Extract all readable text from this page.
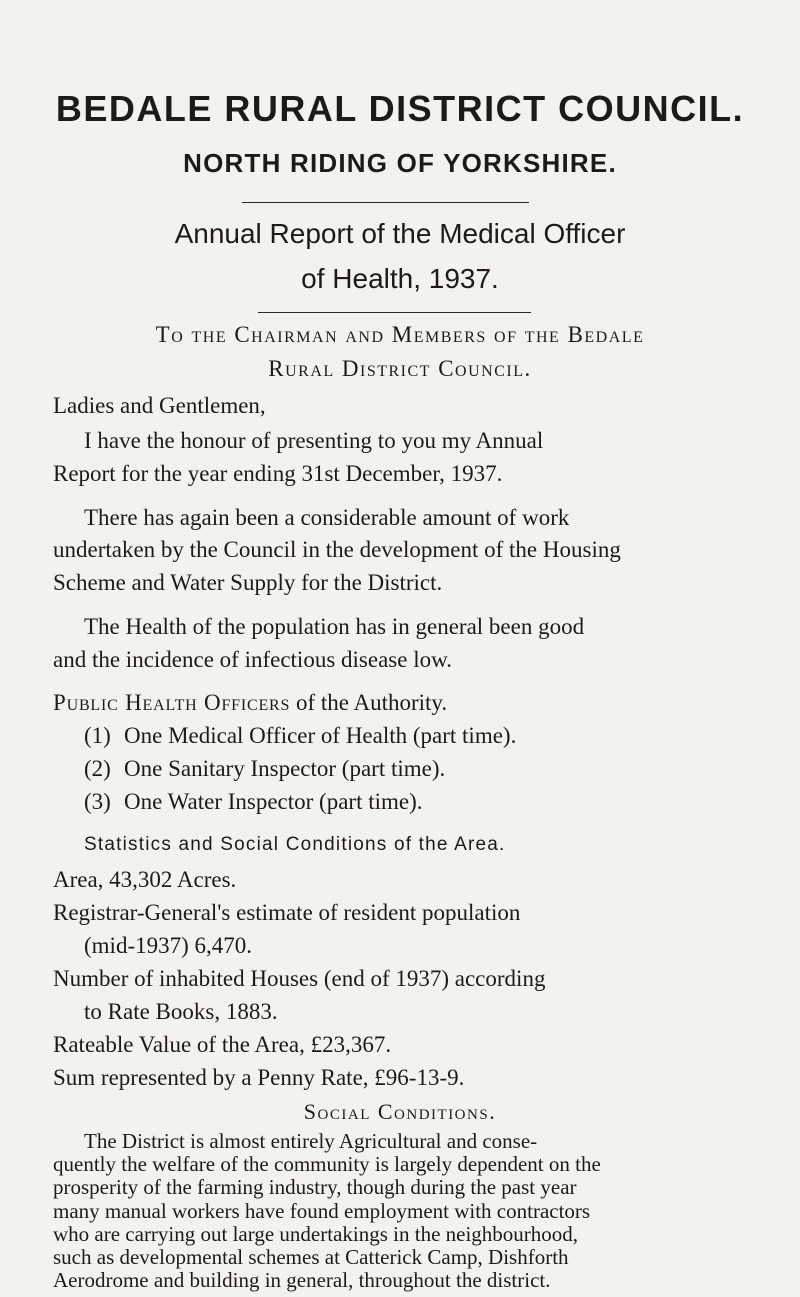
BEDALE RURAL DISTRICT COUNCIL.
NORTH RIDING OF YORKSHIRE.
Annual Report of the Medical Officer
of Health, 1937.
To the Chairman and Members of the Bedale
Rural District Council.
Ladies and Gentlemen,
I have the honour of presenting to you my Annual
Report for the year ending 31st December, 1937.
There has again been a considerable amount of work
undertaken by the Council in the development of the Housing
Scheme and Water Supply for the District.
The Health of the population has in general been good
and the incidence of infectious disease low.
Public Health Officers of the Authority.
(1) One Medical Officer of Health (part time).
(2) One Sanitary Inspector (part time).
(3) One Water Inspector (part time).
Statistics and Social Conditions of the Area.
Area, 43,302 Acres.
Registrar-General's estimate of resident population
(mid-1937) 6,470.
Number of inhabited Houses (end of 1937) according
to Rate Books, 1883.
Rateable Value of the Area, £23,367.
Sum represented by a Penny Rate, £96-13-9.
Social Conditions.
The District is almost entirely Agricultural and conse-
quently the welfare of the community is largely dependent on the
prosperity of the farming industry, though during the past year
many manual workers have found employment with contractors
who are carrying out large undertakings in the neighbourhood,
such as developmental schemes at Catterick Camp, Dishforth
Aerodrome and building in general, throughout the district.
